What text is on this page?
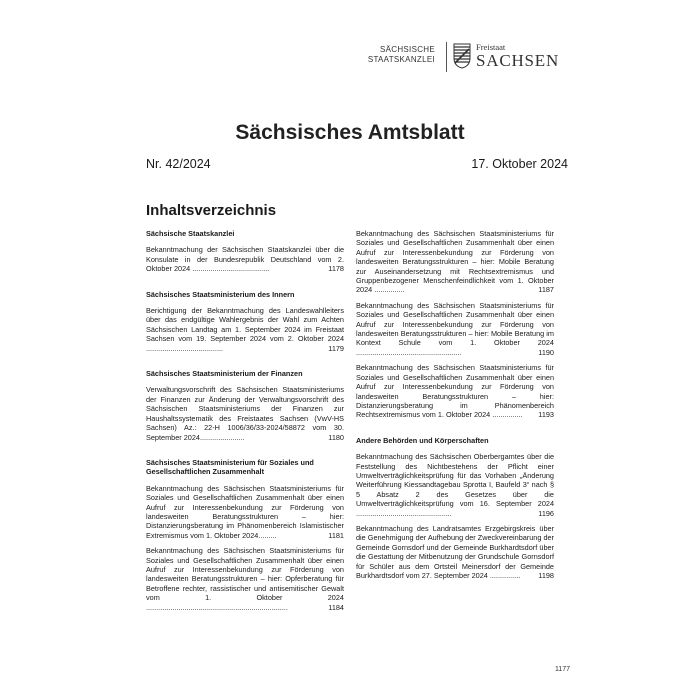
SÄCHSISCHE
STAATSKANZLEI
Freistaat
SACHSEN
Sächsisches Amtsblatt
Nr. 42/2024	17. Oktober 2024
Inhaltsverzeichnis
Sächsische Staatskanzlei
Bekanntmachung der Sächsischen Staatskanzlei über die Konsulate in der Bundesrepublik Deutschland vom 2. Oktober 2024 ......................................	1178
Sächsisches Staatsministerium des Innern
Berichtigung der Bekanntmachung des Landeswahlleiters über das endgültige Wahlergebnis der Wahl zum Achten Sächsischen Landtag am 1. September 2024 im Freistaat Sachsen vom 19. September 2024 vom 2. Oktober 2024 ......................................	1179
Sächsisches Staatsministerium der Finanzen
Verwaltungsvorschrift des Sächsischen Staatsministeriums der Finanzen zur Änderung der Verwaltungsvorschrift des Sächsischen Staatsministeriums der Finanzen zur Haushaltssystematik des Freistaates Sachsen (VwV-HS Sachsen) Az.: 22-H 1006/36/33-2024/58872 vom 30. September 2024......................	1180
Sächsisches Staatsministerium für Soziales und Gesellschaftlichen Zusammenhalt
Bekanntmachung des Sächsischen Staatsministeriums für Soziales und Gesellschaftlichen Zusammenhalt über einen Aufruf zur Interessenbekundung zur Förderung von landesweiten Beratungsstrukturen – hier: Distanzierungsberatung im Phänomenbereich Islamistischer Extremismus vom 1. Oktober 2024.........	1181
Bekanntmachung des Sächsischen Staatsministeriums für Soziales und Gesellschaftlichen Zusammenhalt über einen Aufruf zur Interessenbekundung zur Förderung von landesweiten Beratungsstrukturen – hier: Opferberatung für Betroffene rechter, rassistischer und antisemitischer Gewalt vom 1. Oktober 2024 ......................................................................	1184
Bekanntmachung des Sächsischen Staatsministeriums für Soziales und Gesellschaftlichen Zusammenhalt über einen Aufruf zur Interessenbekundung zur Förderung von landesweiten Beratungsstrukturen – hier: Mobile Beratung zur Auseinandersetzung mit Rechtsextremismus und Gruppenbezogener Menschenfeindlichkeit vom 1. Oktober 2024 ...............	1187
Bekanntmachung des Sächsischen Staatsministeriums für Soziales und Gesellschaftlichen Zusammenhalt über einen Aufruf zur Interessenbekundung zur Förderung von landesweiten Beratungsstrukturen – hier: Mobile Beratung im Kontext Schule vom 1. Oktober 2024 ....................................................	1190
Bekanntmachung des Sächsischen Staatsministeriums für Soziales und Gesellschaftlichen Zusammenhalt über einen Aufruf zur Interessenbekundung zur Förderung von landesweiten Beratungsstrukturen – hier: Distanzierungsberatung im Phänomenbereich Rechtsextremismus vom 1. Oktober 2024 ............... 1193
Andere Behörden und Körperschaften
Bekanntmachung des Sächsischen Oberbergamtes über die Feststellung des Nichtbestehens der Pflicht einer Umweltverträglichkeitsprüfung für das Vorhaben „Änderung Weiterführung Kiessandtagebau Sprotta I, Baufeld 3“ nach § 5 Absatz 2 des Gesetzes über die Umweltverträglichkeitsprüfung vom 16. September 2024 ...............................................	1196
Bekanntmachung des Landratsamtes Erzgebirgskreis über die Genehmigung der Aufhebung der Zweckvereinbarung der Gemeinde Gornsdorf und der Gemeinde Burkhardtsdorf über die Gestattung der Mitbenutzung der Grundschule Gornsdorf für Schüler aus dem Ortsteil Meinersdorf der Gemeinde Burkhardtsdorf vom 27. September 2024 ............... 1198
1177
